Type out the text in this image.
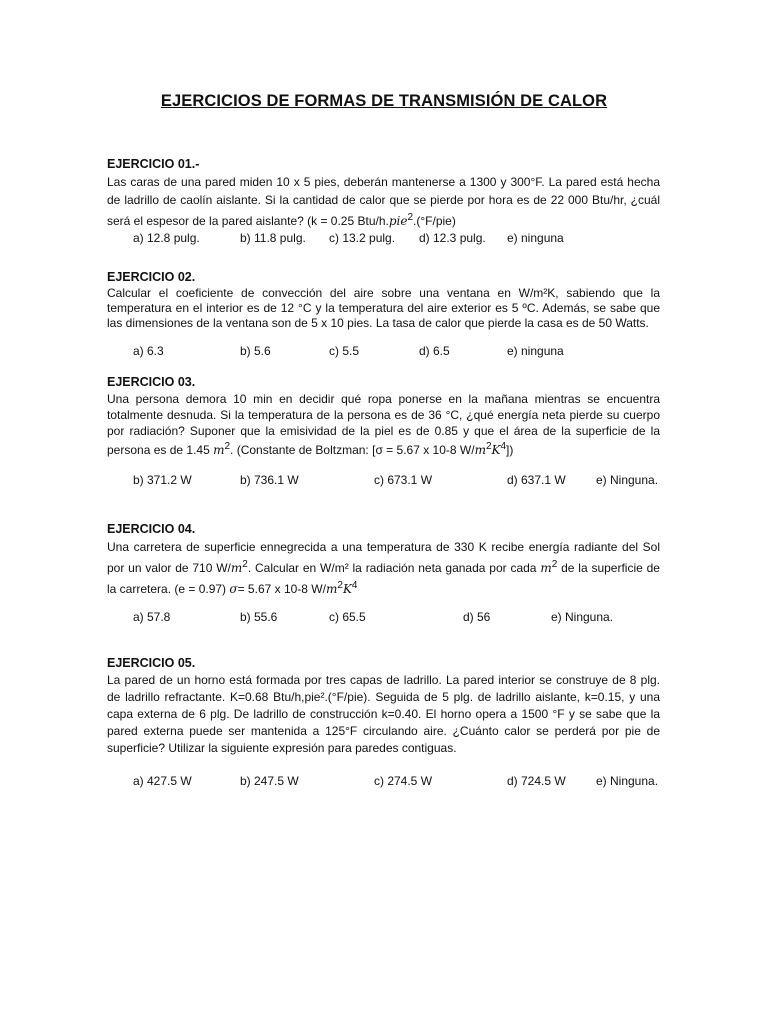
EJERCICIOS DE FORMAS DE TRANSMISIÓN DE CALOR
EJERCICIO 01.-
Las caras de una pared miden 10 x 5 pies, deberán mantenerse a 1300 y 300°F. La pared está hecha de ladrillo de caolín aislante. Si la cantidad de calor que se pierde por hora es de 22 000 Btu/hr, ¿cuál será el espesor de la pared aislante? (k = 0.25 Btu/h.pie$^2$.(°F/pie)
a) 12.8 pulg.	b) 11.8 pulg. c) 13.2 pulg. d) 12.3 pulg. e) ninguna
EJERCICIO 02.
Calcular el coeficiente de convección del aire sobre una ventana en W/m²K, sabiendo que la temperatura en el interior es de 12 °C y la temperatura del aire exterior es 5 ºC. Además, se sabe que las dimensiones de la ventana son de 5 x 10 pies. La tasa de calor que pierde la casa es de 50 Watts.
a) 6.3	b) 5.6	c) 5.5	d) 6.5	e) ninguna
EJERCICIO 03.
Una persona demora 10 min en decidir qué ropa ponerse en la mañana mientras se encuentra totalmente desnuda. Si la temperatura de la persona es de 36 °C, ¿qué energía neta pierde su cuerpo por radiación? Suponer que la emisividad de la piel es de 0.85 y que el área de la superficie de la persona es de 1.45 $m^2$. (Constante de Boltzman: [σ = 5.67 x 10-8 $W/m^2K^4$])
b) 371.2 W	b) 736.1 W	c) 673.1 W	d) 637.1 W	e) Ninguna.
EJERCICIO 04.
Una carretera de superficie ennegrecida a una temperatura de 330 K recibe energía radiante del Sol por un valor de 710 $W/m^2$. Calcular en W/m² la radiación neta ganada por cada $m^2$ de la superficie de la carretera. (e = 0.97) σ= 5.67 x 10-8 $W/m^2K^4$
a) 57.8	b) 55.6	c) 65.5	d) 56	e) Ninguna.
EJERCICIO 05.
La pared de un horno está formada por tres capas de ladrillo. La pared interior se construye de 8 plg. de ladrillo refractante. K=0.68 Btu/h,pie².(°F/pie). Seguida de 5 plg. de ladrillo aislante, k=0.15, y una capa externa de 6 plg. De ladrillo de construcción k=0.40. El horno opera a 1500 °F y se sabe que la pared externa puede ser mantenida a 125°F circulando aire. ¿Cuánto calor se perderá por pie de superficie? Utilizar la siguiente expresión para paredes contiguas.
a) 427.5 W	b) 247.5 W	c) 274.5 W	d) 724.5 W	e) Ninguna.
